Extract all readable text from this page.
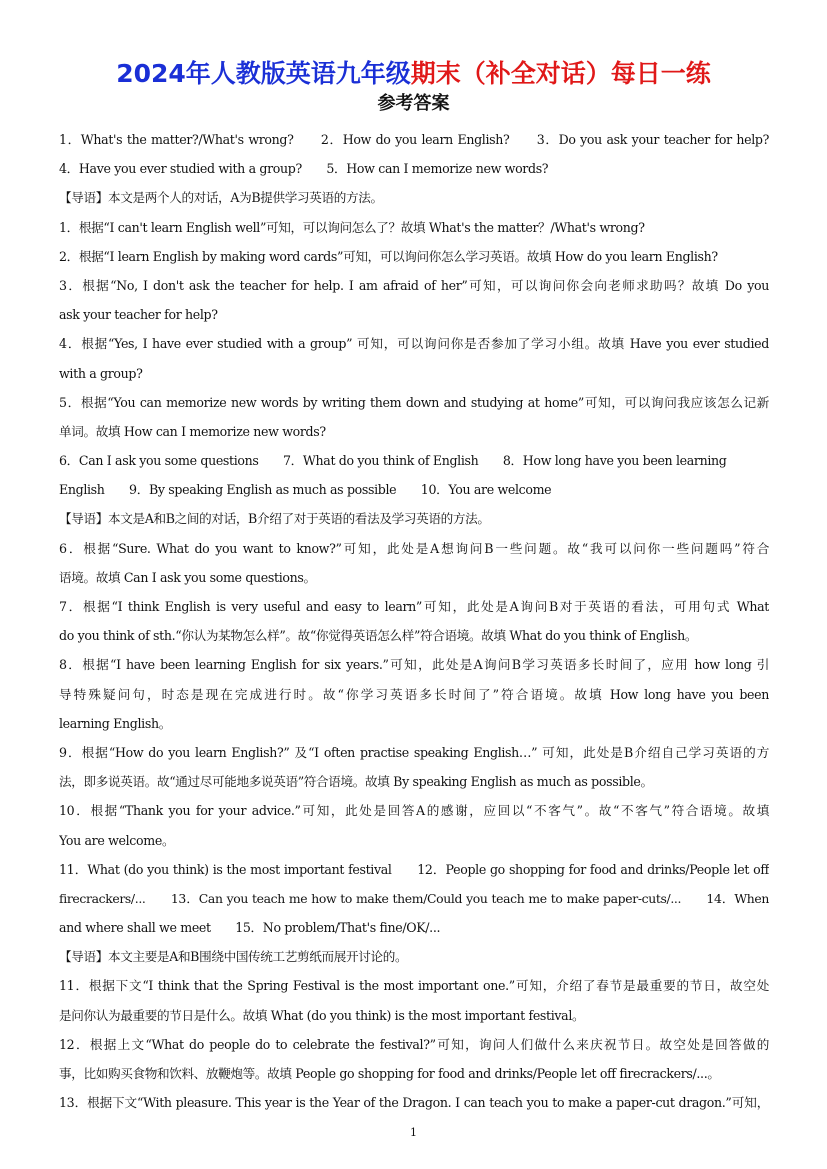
2024年人教版英语九年级期末（补全对话）每日一练
参考答案
1．What's the matter?/What's wrong?　　2．How do you learn English?　　3．Do you ask your teacher for help?
4．Have you ever studied with a group?　　5．How can I memorize new words?
【导语】本文是两个人的对话，A为B提供学习英语的方法。
1．根据“I can't learn English well”可知，可以询问怎么了？故填 What's the matter？/What's wrong?
2．根据“I learn English by making word cards”可知，可以询问你怎么学习英语。故填 How do you learn English?
3．根据“No, I don't ask the teacher for help. I am afraid of her”可知，可以询问你会向老师求助吗？故填 Do you
ask your teacher for help?
4．根据“Yes, I have ever studied with a group” 可知，可以询问你是否参加了学习小组。故填 Have you ever studied
with a group?
5．根据“You can memorize new words by writing them down and studying at home”可知，可以询问我应该怎么记新
单词。故填 How can I memorize new words?
6．Can I ask you some questions　　7．What do you think of English　　8．How long have you been learning
English　　9．By speaking English as much as possible　　10．You are welcome
【导语】本文是A和B之间的对话，B介绍了对于英语的看法及学习英语的方法。
6．根据“Sure. What do you want to know?”可知，此处是A想询问B一些问题。故“我可以问你一些问题吗”符合
语境。故填 Can I ask you some questions。
7．根据“I think English is very useful and easy to learn”可知，此处是A询问B对于英语的看法，可用句式 What
do you think of sth.“你认为某物怎么样”。故“你觉得英语怎么样”符合语境。故填 What do you think of English。
8．根据“I have been learning English for six years.”可知，此处是A询问B学习英语多长时间了，应用 how long 引
导特殊疑问句，时态是现在完成进行时。故“你学习英语多长时间了”符合语境。故填 How long have you been
learning English。
9．根据“How do you learn English?” 及“I often practise speaking English…” 可知，此处是B介绍自己学习英语的方
法，即多说英语。故“通过尽可能地多说英语”符合语境。故填 By speaking English as much as possible。
10．根据“Thank you for your advice.”可知，此处是回答A的感谢，应回以“不客气”。故“不客气”符合语境。故填
You are welcome。
11．What (do you think) is the most important festival　　12．People go shopping for food and drinks/People let off
firecrackers/...　　13．Can you teach me how to make them/Could you teach me to make paper-cuts/...　　14．When
and where shall we meet　　15．No problem/That's fine/OK/...
【导语】本文主要是A和B围绕中国传统工艺剪纸而展开讨论的。
11．根据下文“I think that the Spring Festival is the most important one.”可知，介绍了春节是最重要的节日，故空处
是问你认为最重要的节日是什么。故填 What (do you think) is the most important festival。
12．根据上文“What do people do to celebrate the festival?”可知，询问人们做什么来庆祝节日。故空处是回答做的
事，比如购买食物和饮料、放鞭炮等。故填 People go shopping for food and drinks/People let off firecrackers/...。
13．根据下文“With pleasure. This year is the Year of the Dragon. I can teach you to make a paper-cut dragon.”可知，
1
